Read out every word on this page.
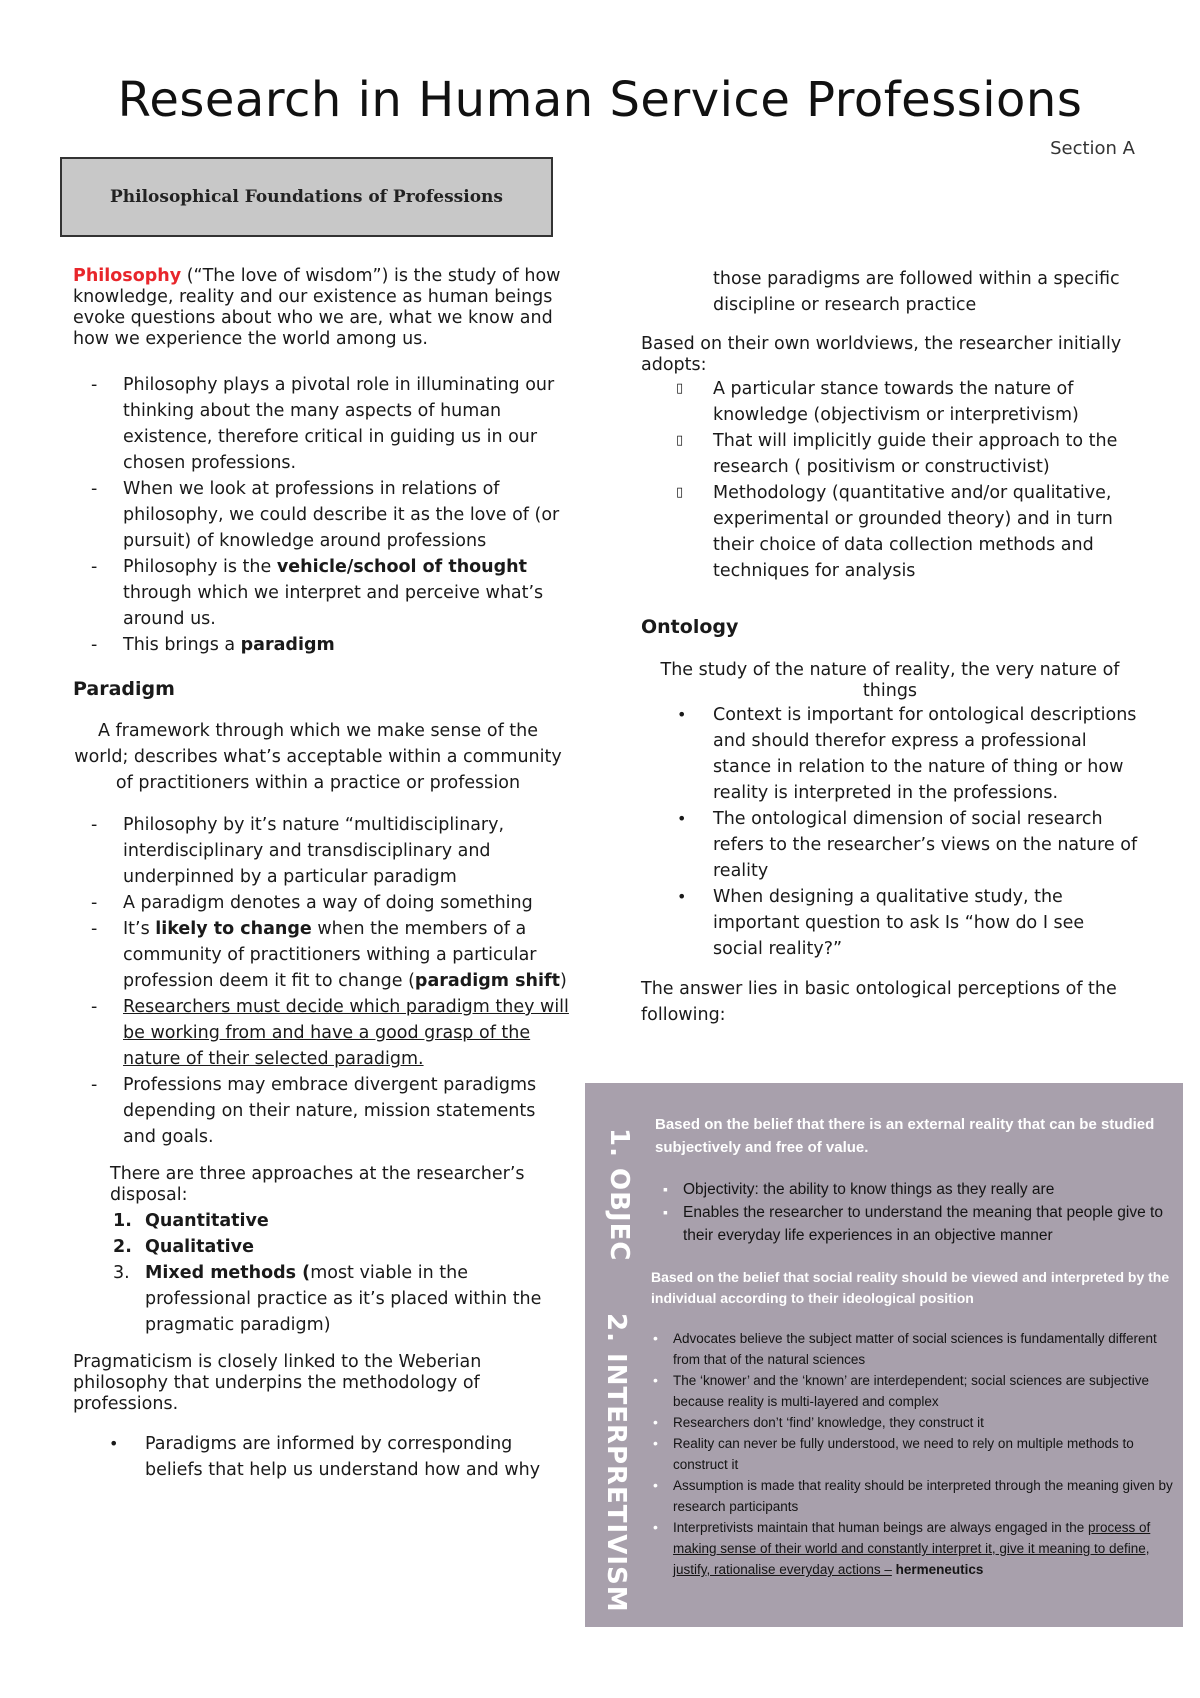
Research in Human Service Professions
Section A
Philosophical Foundations of Professions

Philosophy (“The love of wisdom”) is the study of how knowledge, reality and our existence as human beings evoke questions about who we are, what we know and how we experience the world among us.

- Philosophy plays a pivotal role in illuminating our thinking about the many aspects of human existence, therefore critical in guiding us in our chosen professions.
- When we look at professions in relations of philosophy, we could describe it as the love of (or pursuit) of knowledge around professions
- Philosophy is the vehicle/school of thought through which we interpret and perceive what’s around us.
- This brings a paradigm

Paradigm

A framework through which we make sense of the world; describes what’s acceptable within a community of practitioners within a practice or profession

- Philosophy by it’s nature “multidisciplinary, interdisciplinary and transdisciplinary and underpinned by a particular paradigm
- A paradigm denotes a way of doing something
- It’s likely to change when the members of a community of practitioners withing a particular profession deem it fit to change (paradigm shift)
- Researchers must decide which paradigm they will be working from and have a good grasp of the nature of their selected paradigm.
- Professions may embrace divergent paradigms depending on their nature, mission statements and goals.

There are three approaches at the researcher’s disposal:

Quantitative
Qualitative
Mixed methods (most viable in the professional practice as it’s placed within the pragmatic paradigm)

Pragmaticism is closely linked to the Weberian philosophy that underpins the methodology of professions.

• Paradigms are informed by corresponding beliefs that help us understand how and why

those paradigms are followed within a specific discipline or research practice

Based on their own worldviews, the researcher initially adopts:

▯ A particular stance towards the nature of knowledge (objectivism or interpretivism)
▯ That will implicitly guide their approach to the research ( positivism or constructivist)
▯ Methodology (quantitative and/or qualitative, experimental or grounded theory) and in turn their choice of data collection methods and techniques for analysis

Ontology

The study of the nature of reality, the very nature of things

• Context is important for ontological descriptions and should therefor express a professional stance in relation to the nature of thing or how reality is interpreted in the professions.
• The ontological dimension of social research refers to the researcher’s views on the nature of reality
• When designing a qualitative study, the important question to ask Is “how do I see social reality?”

The answer lies in basic ontological perceptions of the following:

1. OBJEC
Based on the belief that there is an external reality that can be studied subjectively and free of value.
▪ Objectivity: the ability to know things as they really are
▪ Enables the researcher to understand the meaning that people give to their everyday life experiences in an objective manner
2. INTERPRETIVISM
Based on the belief that social reality should be viewed and interpreted by the individual according to their ideological position
• Advocates believe the subject matter of social sciences is fundamentally different from that of the natural sciences
• The ‘knower’ and the ‘known’ are interdependent; social sciences are subjective because reality is multi-layered and complex
• Researchers don’t ‘find’ knowledge, they construct it
• Reality can never be fully understood, we need to rely on multiple methods to construct it
• Assumption is made that reality should be interpreted through the meaning given by research participants
• Interpretivists maintain that human beings are always engaged in the process of making sense of their world and constantly interpret it, give it meaning to define, justify, rationalise everyday actions – hermeneutics
